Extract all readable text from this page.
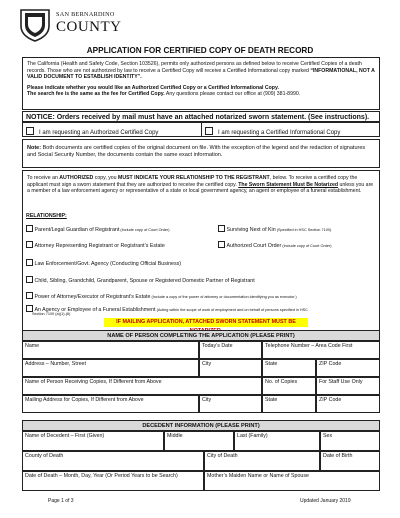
SAN BERNARDINO
COUNTY
APPLICATION FOR CERTIFIED COPY OF DEATH RECORD

The California (Health and Safety Code, Section 103526), permits only authorized persons as defined below to receive Certified Copies of a death records. Those who are not authorized by law to receive a Certified Copy will receive a Certified Informational copy marked “INFORMATIONAL, NOT A VALID DOCUMENT TO ESTABLISH IDENTITY”.

Please indicate whether you would like an Authorized Certified Copy or a Certified Informational Copy.
The search fee is the same as the fee for Certified Copy. Any questions please contact our office at (909) 381-8990.

NOTICE: Orders received by mail must have an attached notarized sworn statement. (See instructions).
I am requesting an Authorized Certified Copy	I am requesting a Certified Informational Copy

Note: Both documents are certified copies of the original document on file. With the exception of the legend and the redaction of signatures and Social Security Number, the documents contain the same exact information.

To receive an AUTHORIZED copy, you MUST INDICATE YOUR RELATIONSHIP TO THE REGISTRANT, below. To receive a certified copy the applicant must sign a sworn statement that they are authorized to receive the certified copy. The Sworn Statement Must Be Notarized unless you are a member of a law enforcement agency or representative of a state or local government agency, an agent or employee of a funeral establishment.

RELATIONSHIP:
Parent/Legal Guardian of Registrant (Include copy of Court Order)	Surviving Next of Kin (Specified in HSC Section 7100)
Attorney Representing Registrant or Registrant’s Estate	Authorized Court Order (Include copy of Court Order)
Law Enforcement/Govt. Agency (Conducting Official Business)
Child, Sibling, Grandchild, Grandparent, Spouse or Registered Domestic Partner of Registrant
Power of Attorney/Executor of Registrant’s Estate (Include a copy of the power of attorney or documentation identifying you as executor.)
An Agency or Employee of a Funeral Establishment (Acting within the scope of work of employment and on behalf of persons specified in HSC
Section 7100 (a)(1)-(6)
IF MAILING APPLICATION, ATTACHED SWORN STATEMENT MUST BE
NAME OF PERSON COMPLETING THE APPLICATION (PLEASE PRINT)
Name	Today’s Date	Telephone Number – Area Code First
Address – Number, Street	City	State	ZIP Code
Name of Person Receiving Copies, If Different from Above	No. of Copies	For Staff Use Only
Mailing Address for Copies, If Different from Above	City	State	ZIP Code
DECEDENT INFORMATION (PLEASE PRINT)
Name of Decedent – First (Given)	Middle	Last (Family)	Sex
County of Death	City of Death	Date of Birth
Date of Death – Month, Day, Year (Or Period Years to be Search)	Mother’s Maiden Name or Name of Spouse
Page 1 of 3	Updated January 2019
